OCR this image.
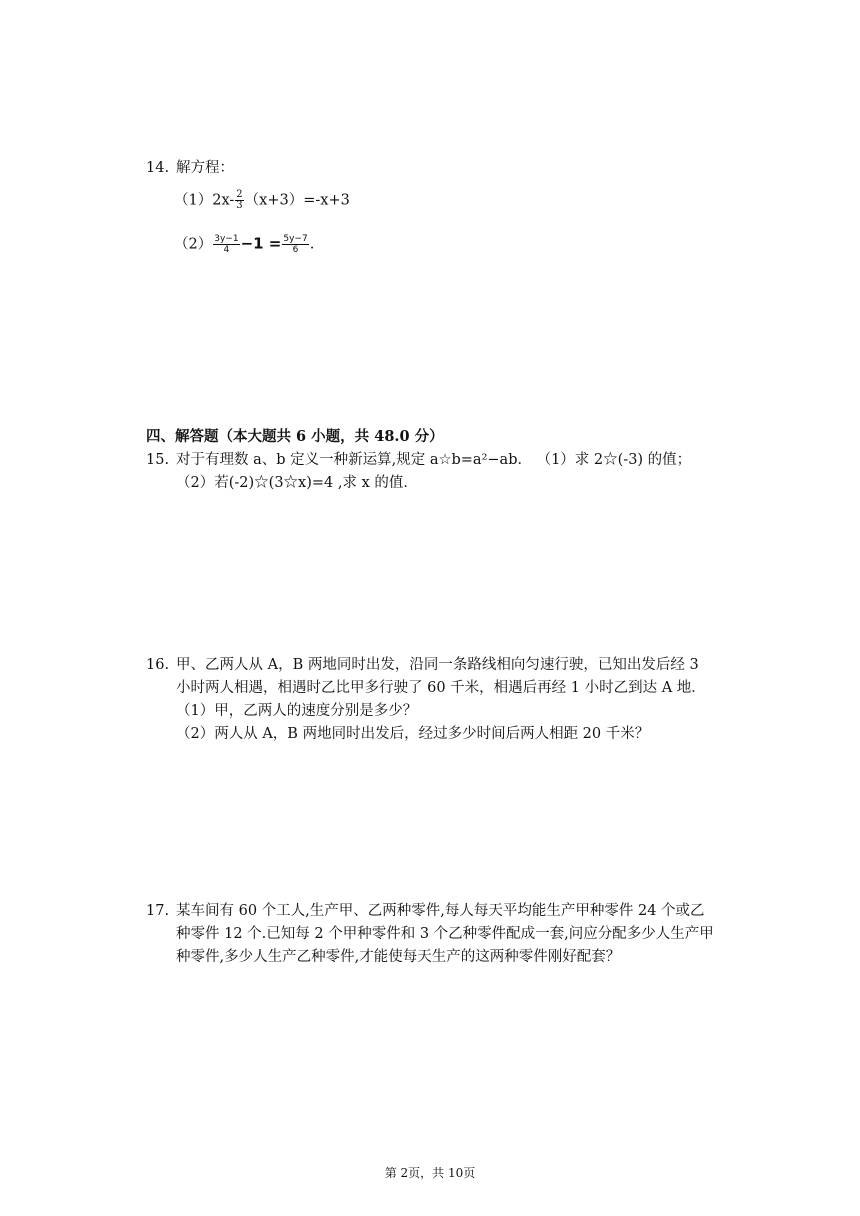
14. 解方程：
$(1)2x- \frac{2}{3} (x+3)=-x+3$
$(2) \frac{3y-1}{4} -1 = \frac{5y-7}{6}$ .
四、解答题（本大题共 6 小题，共 48.0 分）
15. 对于有理数 a、b 定义一种新运算,规定 a☆b=a²−ab． （1）求 2☆(-3) 的值；
（2）若(-2)☆(3☆x)=4 ,求 x 的值．
16. 甲、乙两人从 A，B 两地同时出发，沿同一条路线相向匀速行驶，已知出发后经 3
小时两人相遇，相遇时乙比甲多行驶了 60 千米，相遇后再经 1 小时乙到达 A 地．
（1）甲，乙两人的速度分别是多少？
（2）两人从 A，B 两地同时出发后，经过多少时间后两人相距 20 千米？
17. 某车间有 60 个工人,生产甲、乙两种零件,每人每天平均能生产甲种零件 24 个或乙
种零件 12 个.已知每 2 个甲种零件和 3 个乙种零件配成一套,问应分配多少人生产甲
种零件,多少人生产乙种零件,才能使每天生产的这两种零件刚好配套？
第 2页，共 10页
